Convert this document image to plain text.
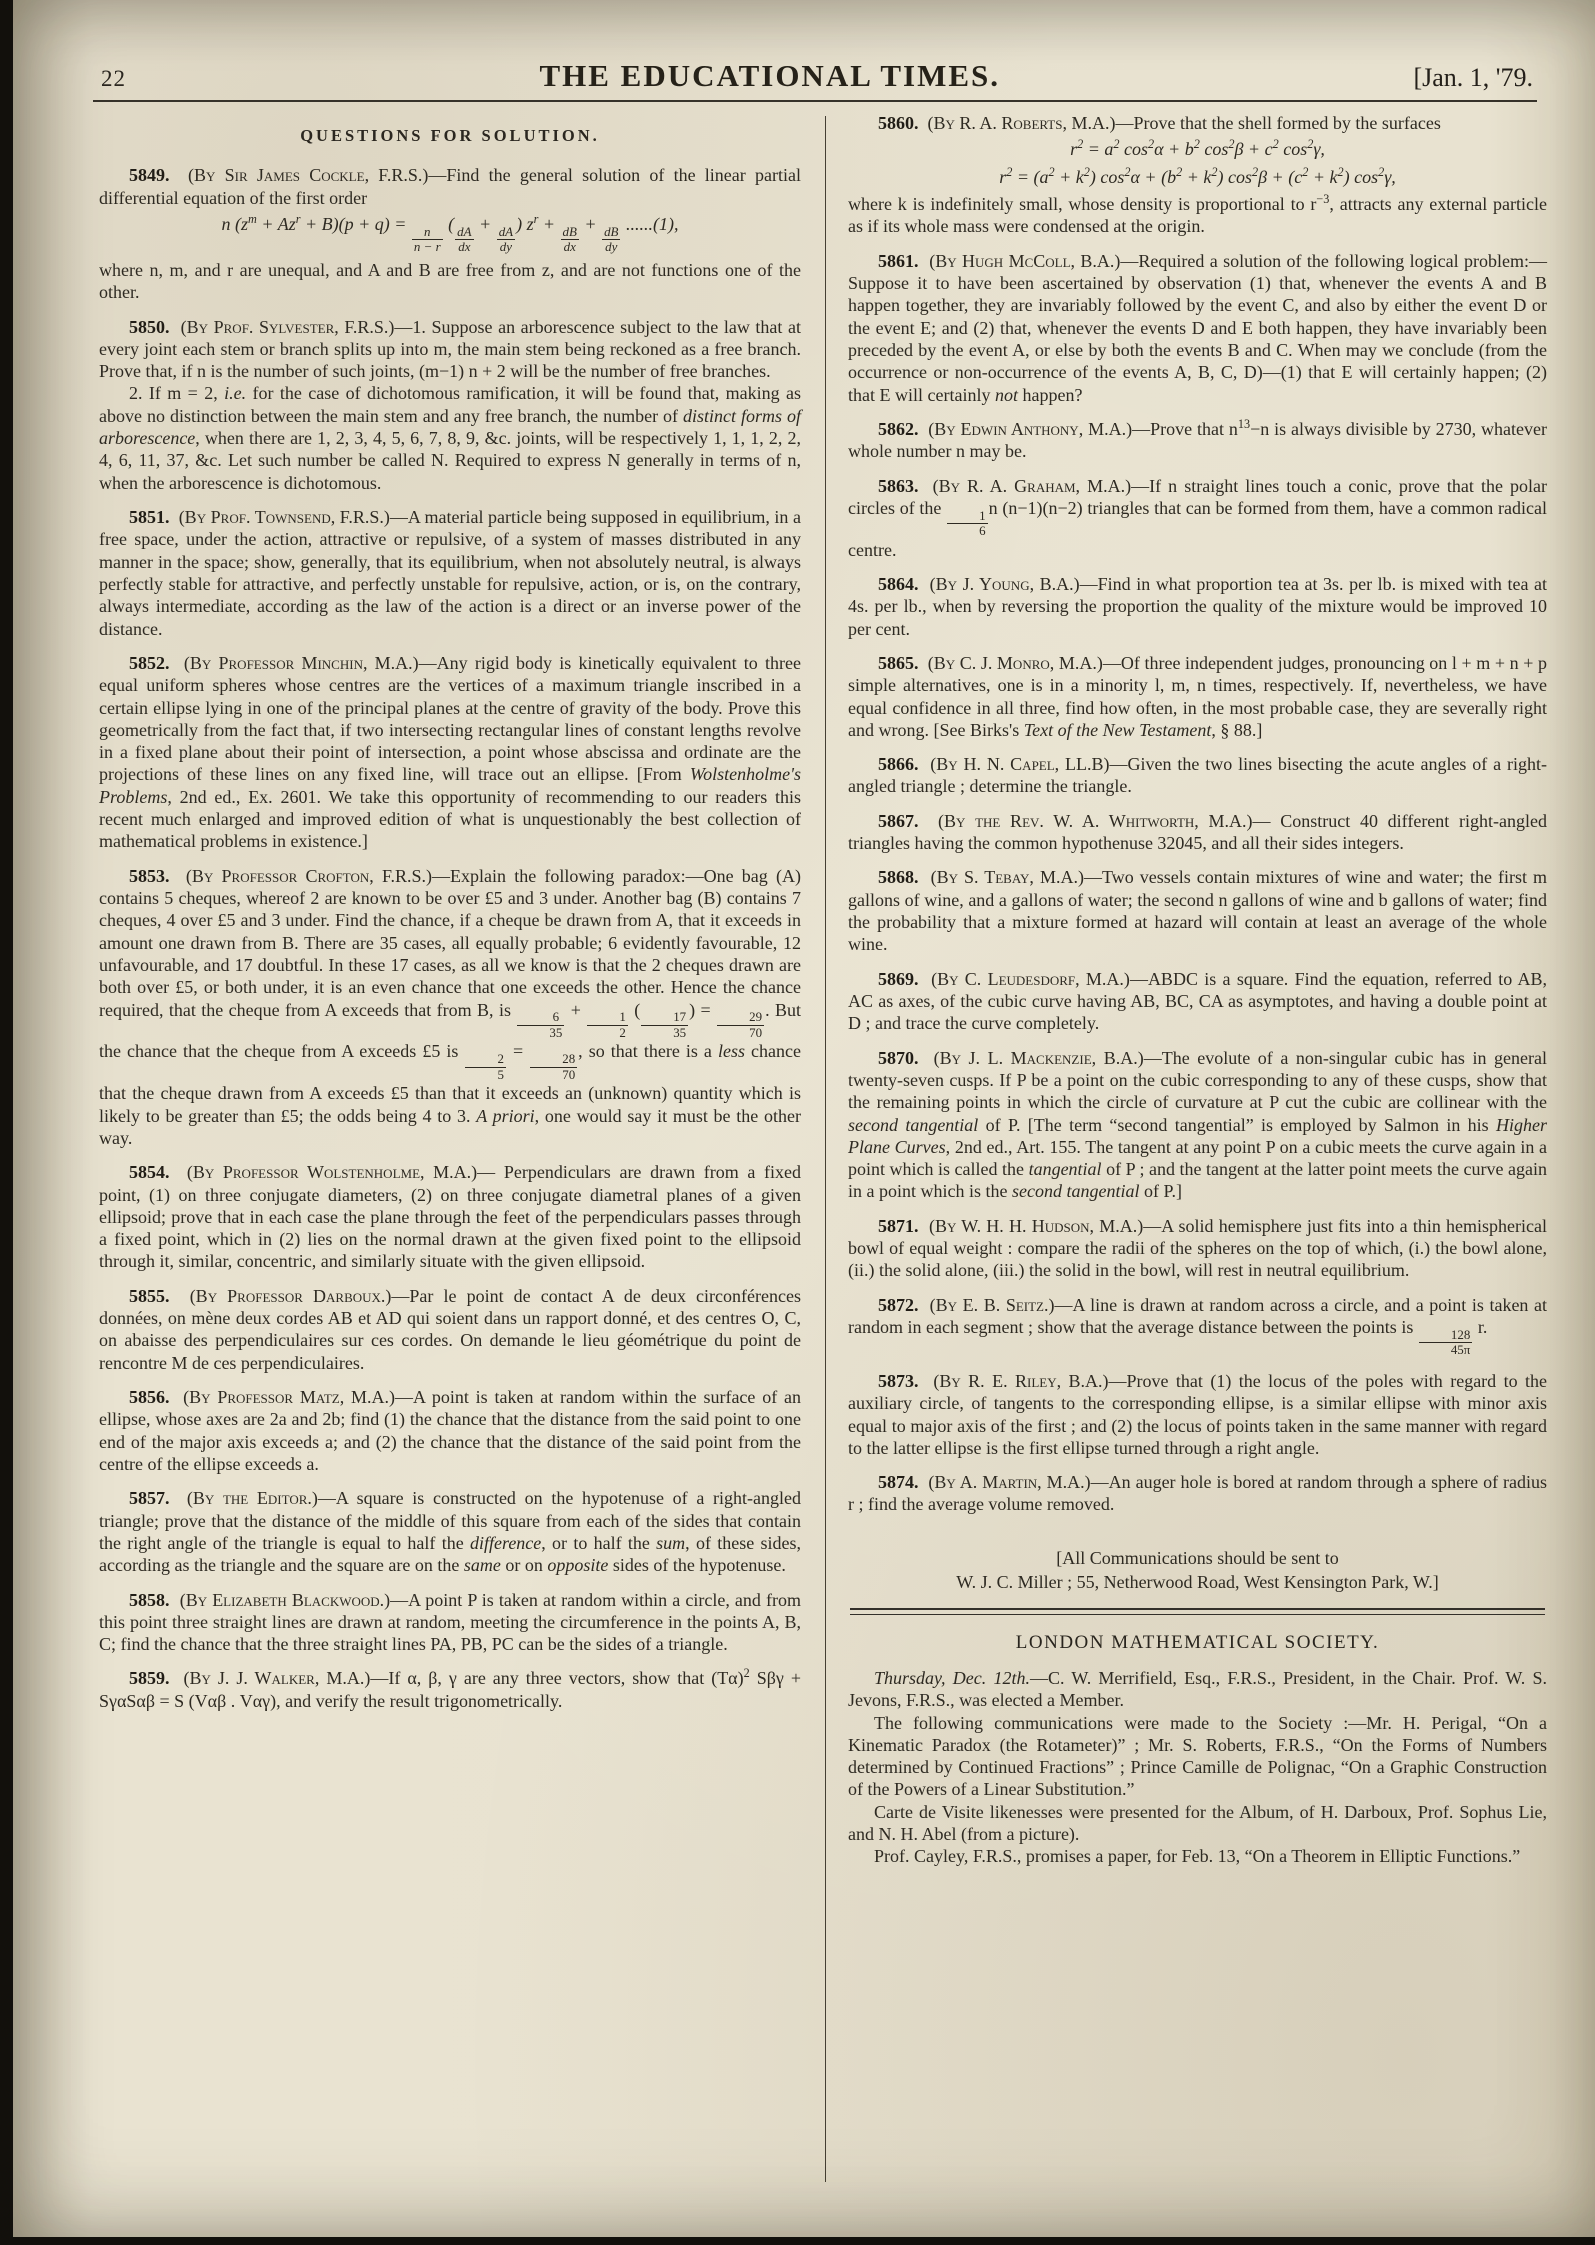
22	THE EDUCATIONAL TIMES.	[Jan. 1, '79.
QUESTIONS FOR SOLUTION.

5849. (By Sir James Cockle, F.R.S.)—Find the general solution of the linear partial differential equation of the first order

n $(z^m + Az^r + B)(p + q)$ =
$\frac{n}{n - r}$
(
$\frac{dA}{dx}$
+
$\frac{dA}{dy}$
) $z^r$ +
$\frac{dB}{dx}$
+
$\frac{dB}{dy}$
......(1),

where n, m, and r are unequal, and A and B are free from z, and are not functions one of the other.

5850. (By Prof. Sylvester, F.R.S.)—1. Suppose an arborescence subject to the law that at every joint each stem or branch splits up into m, the main stem being reckoned as a free branch. Prove that, if n is the number of such joints, (m−1) n + 2 will be the number of free branches.

2. If m = 2, i.e. for the case of dichotomous ramification, it will be found that, making as above no distinction between the main stem and any free branch, the number of distinct forms of arborescence, when there are 1, 2, 3, 4, 5, 6, 7, 8, 9, &c. joints, will be respectively 1, 1, 1, 2, 2, 4, 6, 11, 37, &c. Let such number be called N. Required to express N generally in terms of n, when the arborescence is dichotomous.

5851. (By Prof. Townsend, F.R.S.)—A material particle being supposed in equilibrium, in a free space, under the action, attractive or repulsive, of a system of masses distributed in any manner in the space; show, generally, that its equilibrium, when not absolutely neutral, is always perfectly stable for attractive, and perfectly unstable for repulsive, action, or is, on the contrary, always intermediate, according as the law of the action is a direct or an inverse power of the distance.

5852. (By Professor Minchin, M.A.)—Any rigid body is kinetically equivalent to three equal uniform spheres whose centres are the vertices of a maximum triangle inscribed in a certain ellipse lying in one of the principal planes at the centre of gravity of the body. Prove this geometrically from the fact that, if two intersecting rectangular lines of constant lengths revolve in a fixed plane about their point of intersection, a point whose abscissa and ordinate are the projections of these lines on any fixed line, will trace out an ellipse. [From Wolstenholme's Problems, 2nd ed., Ex. 2601. We take this opportunity of recommending to our readers this recent much enlarged and improved edition of what is unquestionably the best collection of mathematical problems in existence.]

5853. (By Professor Crofton, F.R.S.)—Explain the following paradox:—One bag (A) contains 5 cheques, whereof 2 are known to be over £5 and 3 under. Another bag (B) contains 7 cheques, 4 over £5 and 3 under. Find the chance, if a cheque be drawn from A, that it exceeds in amount one drawn from B. There are 35 cases, all equally probable; 6 evidently favourable, 12 unfavourable, and 17 doubtful. In these 17 cases, as all we know is that the 2 cheques drawn are both over £5, or both under, it is an even chance that one exceeds the other. Hence the chance required, that the cheque from A exceeds that from B, is
$\frac{6}{35}$
+
$\frac{1}{2}$
(
$\frac{17}{35}$
) =
$\frac{29}{70}$
. But the chance that the cheque from A exceeds £5 is
$\frac{2}{5}$
=
$\frac{28}{70}$
, so that there is a less chance that the cheque drawn from A exceeds £5 than that it exceeds an (unknown) quantity which is likely to be greater than £5; the odds being 4 to 3. A priori, one would say it must be the other way.

5854. (By Professor Wolstenholme, M.A.)— Perpendiculars are drawn from a fixed point, (1) on three conjugate diameters, (2) on three conjugate diametral planes of a given ellipsoid; prove that in each case the plane through the feet of the perpendiculars passes through a fixed point, which in (2) lies on the normal drawn at the given fixed point to the ellipsoid through it, similar, concentric, and similarly situate with the given ellipsoid.

5855. (By Professor Darboux.)—Par le point de contact A de deux circonférences données, on mène deux cordes AB et AD qui soient dans un rapport donné, et des centres O, C, on abaisse des perpendiculaires sur ces cordes. On demande le lieu géométrique du point de rencontre M de ces perpendiculaires.

5856. (By Professor Matz, M.A.)—A point is taken at random within the surface of an ellipse, whose axes are 2a and 2b; find (1) the chance that the distance from the said point to one end of the major axis exceeds a; and (2) the chance that the distance of the said point from the centre of the ellipse exceeds a.

5857. (By the Editor.)—A square is constructed on the hypotenuse of a right-angled triangle; prove that the distance of the middle of this square from each of the sides that contain the right angle of the triangle is equal to half the difference, or to half the sum, of these sides, according as the triangle and the square are on the same or on opposite sides of the hypotenuse.

5858. (By Elizabeth Blackwood.)—A point P is taken at random within a circle, and from this point three straight lines are drawn at random, meeting the circumference in the points A, B, C; find the chance that the three straight lines PA, PB, PC can be the sides of a triangle.

5859. (By J. J. Walker, M.A.)—If α, β, γ are any three vectors, show that $(T\alpha)^2$ Sβγ + SγαSαβ = S (Vαβ . Vαγ), and verify the result trigonometrically.

5860. (By R. A. Roberts, M.A.)—Prove that the shell formed by the surfaces

$r^2 = a^2$ $\cos^2\alpha + b^2$ $\cos^2\beta + c^2$ $\cos^2\gamma$,
$r^2 = (a^2 + k^2) \cos^2\alpha + (b^2 + k^2) \cos^2\beta + (c^2 + k^2)$ $\cos^2\gamma$,

where k is indefinitely small, whose density is proportional to $r^{-3}$, attracts any external particle as if its whole mass were condensed at the origin.

5861. (By Hugh McColl, B.A.)—Required a solution of the following logical problem:—Suppose it to have been ascertained by observation (1) that, whenever the events A and B happen together, they are invariably followed by the event C, and also by either the event D or the event E; and (2) that, whenever the events D and E both happen, they have invariably been preceded by the event A, or else by both the events B and C. When may we conclude (from the occurrence or non-occurrence of the events A, B, C, D)—(1) that E will certainly happen; (2) that E will certainly not happen?

5862. (By Edwin Anthony, M.A.)—Prove that $n^{13}-n$ is always divisible by 2730, whatever whole number n may be.

5863. (By R. A. Graham, M.A.)—If n straight lines touch a conic, prove that the polar circles of the
$\frac{1}{6}$
n (n−1)(n−2) triangles that can be formed from them, have a common radical centre.

5864. (By J. Young, B.A.)—Find in what proportion tea at 3s. per lb. is mixed with tea at 4s. per lb., when by reversing the proportion the quality of the mixture would be improved 10 per cent.

5865. (By C. J. Monro, M.A.)—Of three independent judges, pronouncing on l + m + n + p simple alternatives, one is in a minority l, m, n times, respectively. If, nevertheless, we have equal confidence in all three, find how often, in the most probable case, they are severally right and wrong. [See Birks's Text of the New Testament, § 88.]

5866. (By H. N. Capel, LL.B)—Given the two lines bisecting the acute angles of a right-angled triangle ; determine the triangle.

5867. (By the Rev. W. A. Whitworth, M.A.)— Construct 40 different right-angled triangles having the common hypothenuse 32045, and all their sides integers.

5868. (By S. Tebay, M.A.)—Two vessels contain mixtures of wine and water; the first m gallons of wine, and a gallons of water; the second n gallons of wine and b gallons of water; find the probability that a mixture formed at hazard will contain at least an average of the whole wine.

5869. (By C. Leudesdorf, M.A.)—ABDC is a square. Find the equation, referred to AB, AC as axes, of the cubic curve having AB, BC, CA as asymptotes, and having a double point at D ; and trace the curve completely.

5870. (By J. L. Mackenzie, B.A.)—The evolute of a non-singular cubic has in general twenty-seven cusps. If P be a point on the cubic corresponding to any of these cusps, show that the remaining points in which the circle of curvature at P cut the cubic are collinear with the second tangential of P. [The term “second tangential” is employed by Salmon in his Higher Plane Curves, 2nd ed., Art. 155. The tangent at any point P on a cubic meets the curve again in a point which is called the tangential of P ; and the tangent at the latter point meets the curve again in a point which is the second tangential of P.]

5871. (By W. H. H. Hudson, M.A.)—A solid hemisphere just fits into a thin hemispherical bowl of equal weight : compare the radii of the spheres on the top of which, (i.) the bowl alone, (ii.) the solid alone, (iii.) the solid in the bowl, will rest in neutral equilibrium.

5872. (By E. B. Seitz.)—A line is drawn at random across a circle, and a point is taken at random in each segment ; show that the average distance between the points is
$\frac{128}{45\pi}$
r.

5873. (By R. E. Riley, B.A.)—Prove that (1) the locus of the poles with regard to the auxiliary circle, of tangents to the corresponding ellipse, is a similar ellipse with minor axis equal to major axis of the first ; and (2) the locus of points taken in the same manner with regard to the latter ellipse is the first ellipse turned through a right angle.

5874. (By A. Martin, M.A.)—An auger hole is bored at random through a sphere of radius r ; find the average volume removed.

[All Communications should be sent to
W. J. C. Miller ; 55, Netherwood Road, West Kensington Park, W.]
LONDON MATHEMATICAL SOCIETY.

Thursday, Dec. 12th.—C. W. Merrifield, Esq., F.R.S., President, in the Chair. Prof. W. S. Jevons, F.R.S., was elected a Member.

The following communications were made to the Society :—Mr. H. Perigal, “On a Kinematic Paradox (the Rotameter)” ; Mr. S. Roberts, F.R.S., “On the Forms of Numbers determined by Continued Fractions” ; Prince Camille de Polignac, “On a Graphic Construction of the Powers of a Linear Substitution.”

Carte de Visite likenesses were presented for the Album, of H. Darboux, Prof. Sophus Lie, and N. H. Abel (from a picture).

Prof. Cayley, F.R.S., promises a paper, for Feb. 13, “On a Theorem in Elliptic Functions.”
